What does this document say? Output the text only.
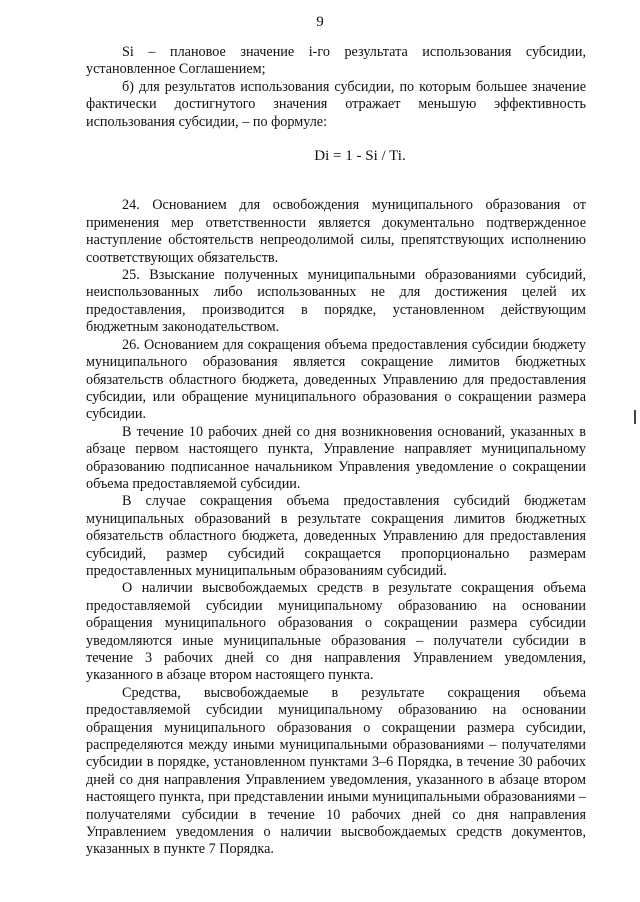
9

Si – плановое значение i-го результата использования субсидии, установленное Соглашением;

б) для результатов использования субсидии, по которым большее значение фактически достигнутого значения отражает меньшую эффективность использования субсидии, – по формуле:

Di = 1 - Si / Ti.

24. Основанием для освобождения муниципального образования от применения мер ответственности является документально подтвержденное наступление обстоятельств непреодолимой силы, препятствующих исполнению соответствующих обязательств.

25. Взыскание полученных муниципальными образованиями субсидий, неиспользованных либо использованных не для достижения целей их предоставления, производится в порядке, установленном действующим бюджетным законодательством.

26. Основанием для сокращения объема предоставления субсидии бюджету муниципального образования является сокращение лимитов бюджетных обязательств областного бюджета, доведенных Управлению для предоставления субсидии, или обращение муниципального образования о сокращении размера субсидии.

В течение 10 рабочих дней со дня возникновения оснований, указанных в абзаце первом настоящего пункта, Управление направляет муниципальному образованию подписанное начальником Управления уведомление о сокращении объема предоставляемой субсидии.

В случае сокращения объема предоставления субсидий бюджетам муниципальных образований в результате сокращения лимитов бюджетных обязательств областного бюджета, доведенных Управлению для предоставления субсидий, размер субсидий сокращается пропорционально размерам предоставленных муниципальным образованиям субсидий.

О наличии высвобождаемых средств в результате сокращения объема предоставляемой субсидии муниципальному образованию на основании обращения муниципального образования о сокращении размера субсидии уведомляются иные муниципальные образования – получатели субсидии в течение 3 рабочих дней со дня направления Управлением уведомления, указанного в абзаце втором настоящего пункта.

Средства, высвобождаемые в результате сокращения объема предоставляемой субсидии муниципальному образованию на основании обращения муниципального образования о сокращении размера субсидии, распределяются между иными муниципальными образованиями – получателями субсидии в порядке, установленном пунктами 3–6 Порядка, в течение 30 рабочих дней со дня направления Управлением уведомления, указанного в абзаце втором настоящего пункта, при представлении иными муниципальными образованиями – получателями субсидии в течение 10 рабочих дней со дня направления Управлением уведомления о наличии высвобождаемых средств документов, указанных в пункте 7 Порядка.
